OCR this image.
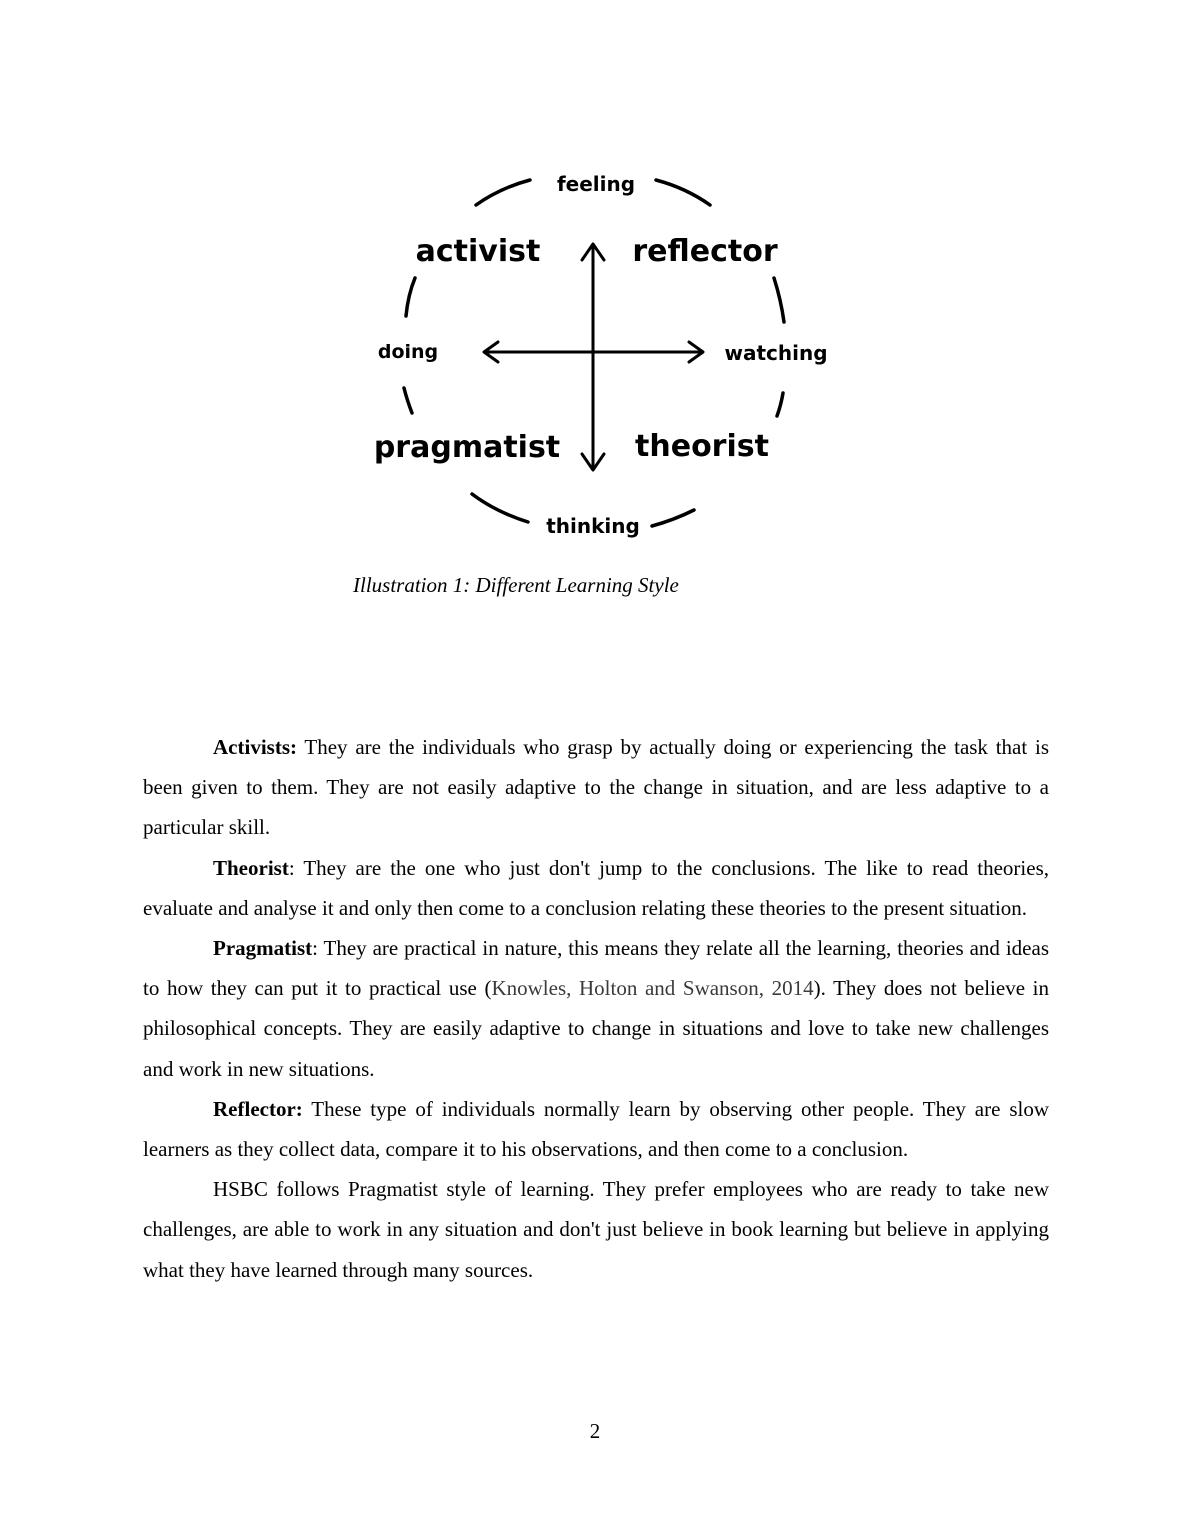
feeling
activist	reflector
doing	watching
pragmatist theorist
thinking
Illustration 1: Different Learning Style

Activists: They are the individuals who grasp by actually doing or experiencing the task that is been given to them. They are not easily adaptive to the change in situation, and are less adaptive to a particular skill.

Theorist: They are the one who just don't jump to the conclusions. The like to read theories, evaluate and analyse it and only then come to a conclusion relating these theories to the present situation.

Pragmatist: They are practical in nature, this means they relate all the learning, theories and ideas to how they can put it to practical use (Knowles, Holton and Swanson, 2014). They does not believe in philosophical concepts. They are easily adaptive to change in situations and love to take new challenges and work in new situations.

Reflector: These type of individuals normally learn by observing other people. They are slow learners as they collect data, compare it to his observations, and then come to a conclusion.

HSBC follows Pragmatist style of learning. They prefer employees who are ready to take new challenges, are able to work in any situation and don't just believe in book learning but believe in applying what they have learned through many sources.

2
